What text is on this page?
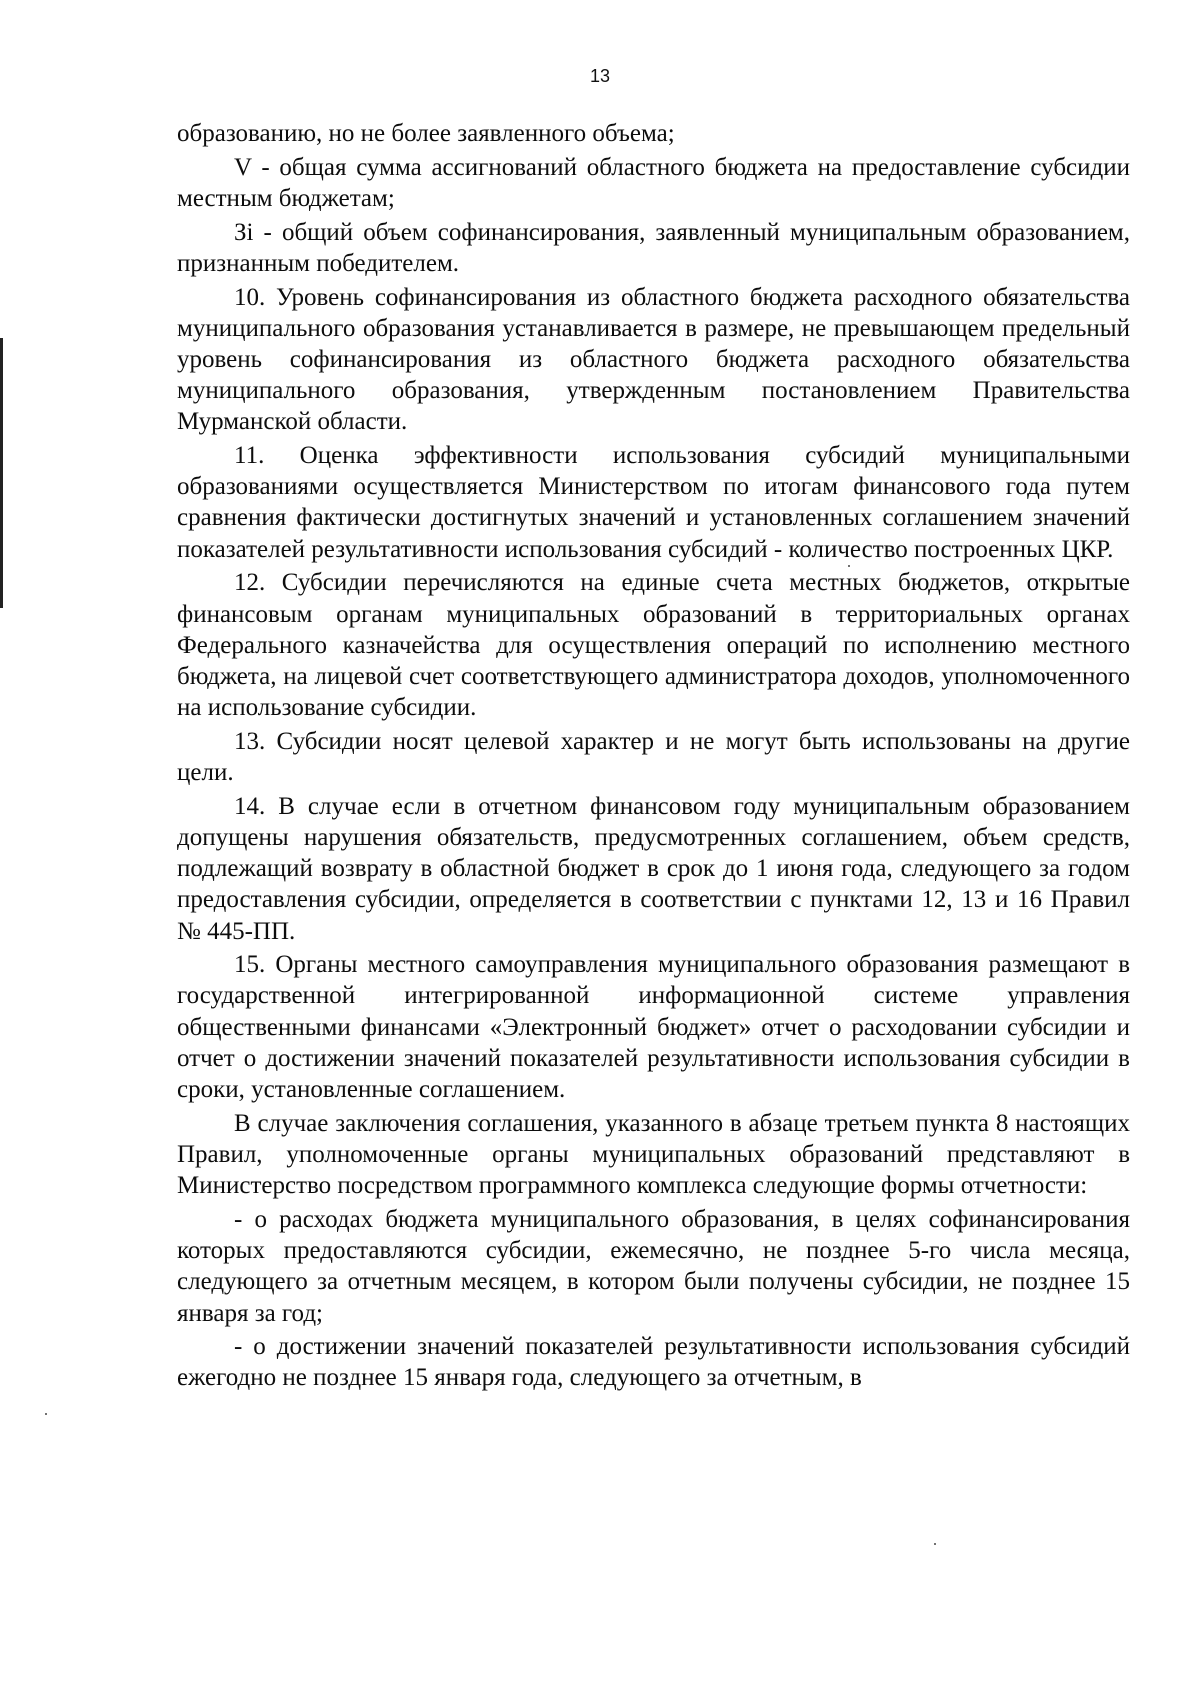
13

образованию, но не более заявленного объема;

V - общая сумма ассигнований областного бюджета на предоставление субсидии местным бюджетам;

Зi - общий объем софинансирования, заявленный муниципальным образованием, признанным победителем.

10. Уровень софинансирования из областного бюджета расходного обязательства муниципального образования устанавливается в размере, не превышающем предельный уровень софинансирования из областного бюджета расходного обязательства муниципального образования, утвержденным постановлением Правительства Мурманской области.

11. Оценка эффективности использования субсидий муниципальными образованиями осуществляется Министерством по итогам финансового года путем сравнения фактически достигнутых значений и установленных соглашением значений показателей результативности использования субсидий - количество построенных ЦКР.

12. Субсидии перечисляются на единые счета местных бюджетов, открытые финансовым органам муниципальных образований в территориальных органах Федерального казначейства для осуществления операций по исполнению местного бюджета, на лицевой счет соответствующего администратора доходов, уполномоченного на использование субсидии.

13. Субсидии носят целевой характер и не могут быть использованы на другие цели.

14. В случае если в отчетном финансовом году муниципальным образованием допущены нарушения обязательств, предусмотренных соглашением, объем средств, подлежащий возврату в областной бюджет в срок до 1 июня года, следующего за годом предоставления субсидии, определяется в соответствии с пунктами 12, 13 и 16 Правил № 445-ПП.

15. Органы местного самоуправления муниципального образования размещают в государственной интегрированной информационной системе управления общественными финансами «Электронный бюджет» отчет о расходовании субсидии и отчет о достижении значений показателей результативности использования субсидии в сроки, установленные соглашением.

В случае заключения соглашения, указанного в абзаце третьем пункта 8 настоящих Правил, уполномоченные органы муниципальных образований представляют в Министерство посредством программного комплекса следующие формы отчетности:

- о расходах бюджета муниципального образования, в целях софинансирования которых предоставляются субсидии, ежемесячно, не позднее 5-го числа месяца, следующего за отчетным месяцем, в котором были получены субсидии, не позднее 15 января за год;

- о достижении значений показателей результативности использования субсидий ежегодно не позднее 15 января года, следующего за отчетным, в
